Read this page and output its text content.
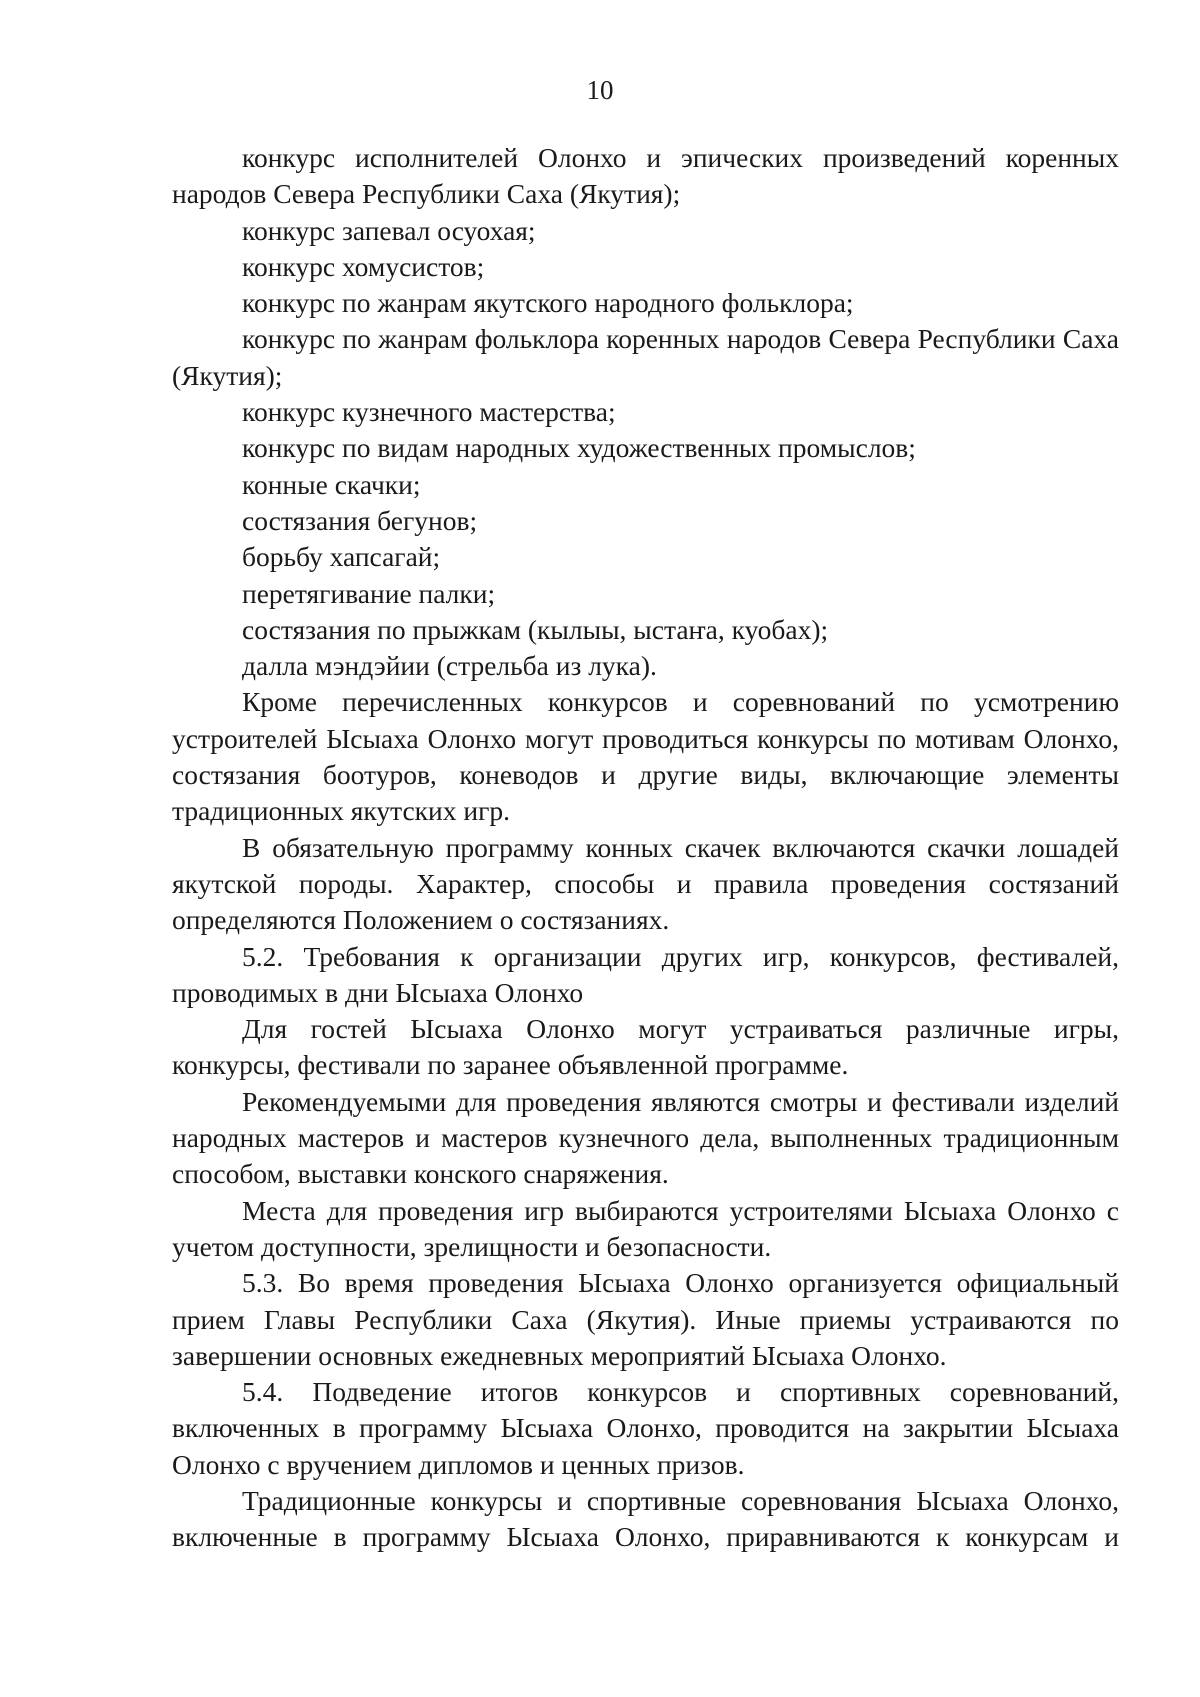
10

конкурс исполнителей Олонхо и эпических произведений коренных народов Севера Республики Саха (Якутия);

конкурс запевал осуохая;

конкурс хомусистов;

конкурс по жанрам якутского народного фольклора;

конкурс по жанрам фольклора коренных народов Севера Республики Саха (Якутия);

конкурс кузнечного мастерства;

конкурс по видам народных художественных промыслов;

конные скачки;

состязания бегунов;

борьбу хапсагай;

перетягивание палки;

состязания по прыжкам (кылыы, ыстаҥа, куобах);

далла мэндэйии (стрельба из лука).

Кроме перечисленных конкурсов и соревнований по усмотрению устроителей Ысыаха Олонхо могут проводиться конкурсы по мотивам Олонхо, состязания боотуров, коневодов и другие виды, включающие элементы традиционных якутских игр.

В обязательную программу конных скачек включаются скачки лошадей якутской породы. Характер, способы и правила проведения состязаний определяются Положением о состязаниях.

5.2. Требования к организации других игр, конкурсов, фестивалей, проводимых в дни Ысыаха Олонхо

Для гостей Ысыаха Олонхо могут устраиваться различные игры, конкурсы, фестивали по заранее объявленной программе.

Рекомендуемыми для проведения являются смотры и фестивали изделий народных мастеров и мастеров кузнечного дела, выполненных традиционным способом, выставки конского снаряжения.

Места для проведения игр выбираются устроителями Ысыаха Олонхо с учетом доступности, зрелищности и безопасности.

5.3. Во время проведения Ысыаха Олонхо организуется официальный прием Главы Республики Саха (Якутия). Иные приемы устраиваются по завершении основных ежедневных мероприятий Ысыаха Олонхо.

5.4. Подведение итогов конкурсов и спортивных соревнований, включенных в программу Ысыаха Олонхо, проводится на закрытии Ысыаха Олонхо с вручением дипломов и ценных призов.

Традиционные конкурсы и спортивные соревнования Ысыаха Олонхо, включенные в программу Ысыаха Олонхо, приравниваются к конкурсам и
